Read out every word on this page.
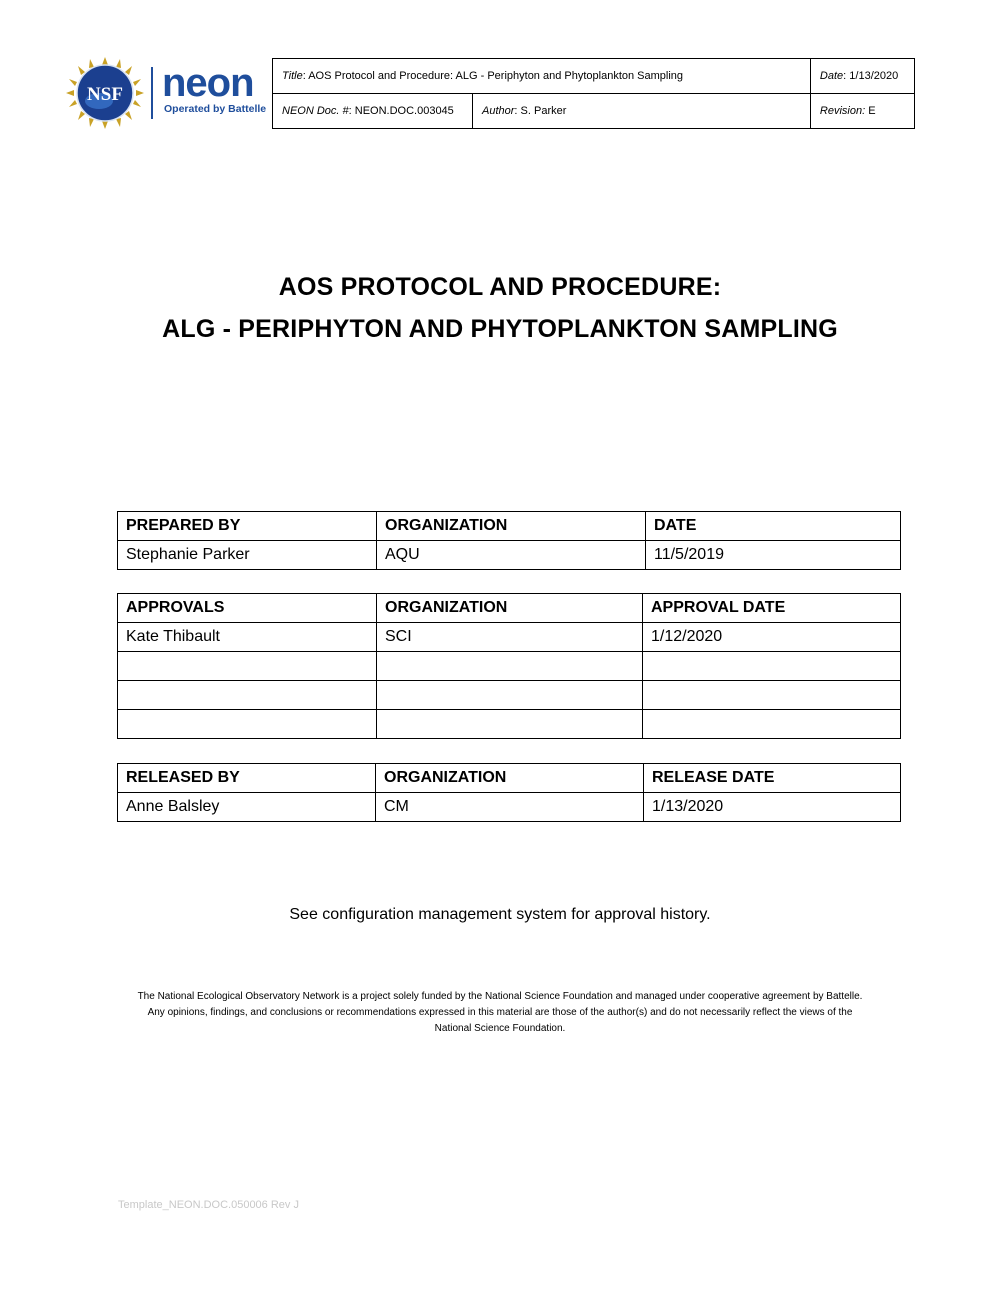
NSF neon
Operated by Battelle
Title: AOS Protocol and Procedure: ALG - Periphyton and Phytoplankton Sampling		Date: 1/13/2020
NEON Doc. #: NEON.DOC.003045	Author: S. Parker	Revision: E
AOS PROTOCOL AND PROCEDURE:
ALG - PERIPHYTON AND PHYTOPLANKTON SAMPLING
PREPARED BY	ORGANIZATION	DATE
Stephanie Parker	AQU	11/5/2019
APPROVALS	ORGANIZATION	APPROVAL DATE
Kate Thibault	SCI	1/12/2020

RELEASED BY	ORGANIZATION	RELEASE DATE
Anne Balsley	CM	1/13/2020
See configuration management system for approval history.
The National Ecological Observatory Network is a project solely funded by the National Science Foundation and managed under cooperative agreement by Battelle.
Any opinions, findings, and conclusions or recommendations expressed in this material are those of the author(s) and do not necessarily reflect the views of the
National Science Foundation.
Template_NEON.DOC.050006 Rev J
